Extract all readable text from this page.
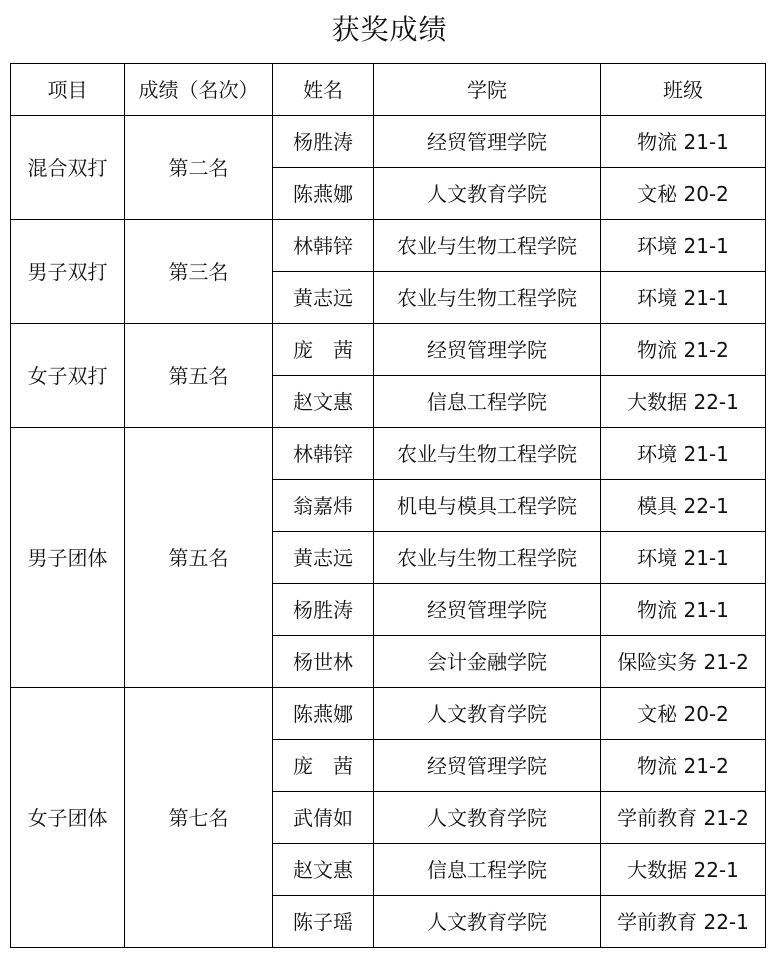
获奖成绩
项目	成绩（名次）	姓名	学院	班级
混合双打	第二名	杨胜涛	经贸管理学院	物流 21-1
		陈燕娜	人文教育学院	文秘 20-2
男子双打	第三名	林韩锌	农业与生物工程学院	环境 21-1
		黄志远	农业与生物工程学院	环境 21-1
女子双打	第五名	庞　茜	经贸管理学院	物流 21-2
		赵文惠	信息工程学院	大数据 22-1
男子团体	第五名	林韩锌	农业与生物工程学院	环境 21-1
		翁嘉炜	机电与模具工程学院	模具 22-1
		黄志远	农业与生物工程学院	环境 21-1
		杨胜涛	经贸管理学院	物流 21-1
		杨世林	会计金融学院	保险实务 21-2
女子团体	第七名	陈燕娜	人文教育学院	文秘 20-2
		庞　茜	经贸管理学院	物流 21-2
		武倩如	人文教育学院	学前教育 21-2
		赵文惠	信息工程学院	大数据 22-1
		陈子瑶	人文教育学院	学前教育 22-1
